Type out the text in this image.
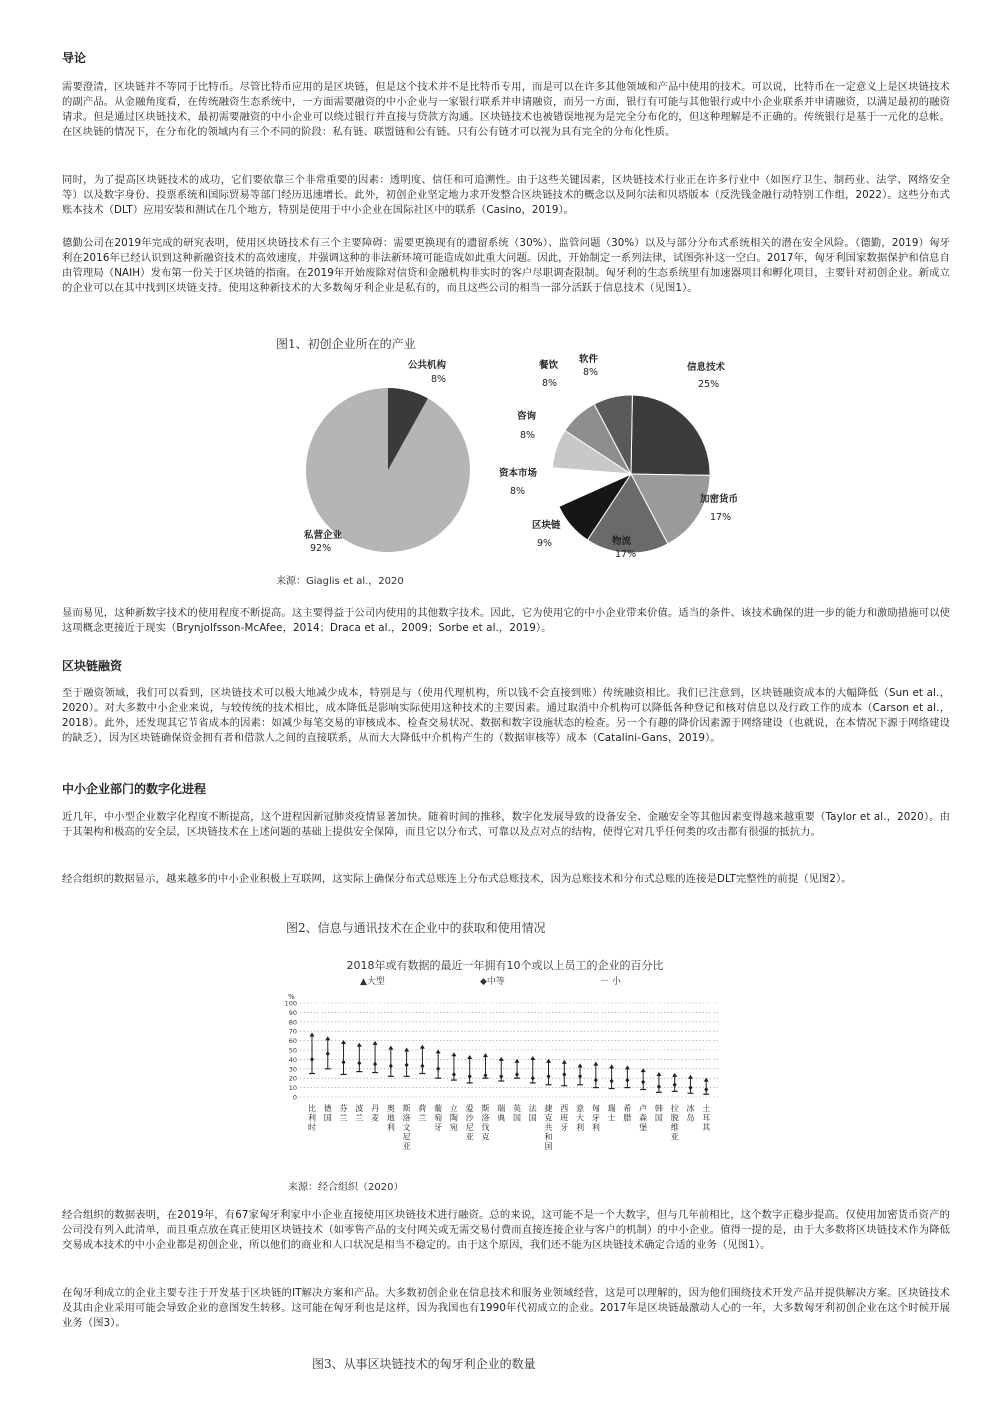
导论
需要澄清，区块链并不等同于比特币。尽管比特币应用的是区块链，但是这个技术并不是比特币专用，而是可以在许多其他领域和产品中使用的技术。可以说，比特币在一定意义上是区块链技术的副产品。从金融角度看，在传统融资生态系统中，一方面需要融资的中小企业与一家银行联系并申请融资，而另一方面，银行有可能与其他银行或中小企业联系并申请融资，以满足最初的融资请求。但是通过区块链技术，最初需要融资的中小企业可以绕过银行并直接与贷款方沟通。区块链技术也被错误地视为是完全分布化的，但这种理解是不正确的。传统银行是基于一元化的总帐。在区块链的情况下，在分布化的领域内有三个不同的阶段：私有链、联盟链和公有链。只有公有链才可以视为具有完全的分布化性质。
同时，为了提高区块链技术的成功，它们要依靠三个非常重要的因素：透明度、信任和可追溯性。由于这些关键因素，区块链技术行业正在许多行业中（如医疗卫生、制药业、法学、网络安全等）以及数字身份、投票系统和国际贸易等部门经历迅速增长。此外，初创企业坚定地力求开发整合区块链技术的概念以及阿尔法和贝塔版本（反洗钱金融行动特别工作组，2022）。这些分布式账本技术（DLT）应用安装和测试在几个地方，特别是使用于中小企业在国际社区中的联系（Casino，2019）。
德勤公司在2019年完成的研究表明，使用区块链技术有三个主要障碍：需要更换现有的遗留系统（30%）、监管问题（30%）以及与部分分布式系统相关的潜在安全风险。（德勤，2019）匈牙利在2016年已经认识到这种新融资技术的高效速度，并强调这种的非法新环境可能造成如此重大问题。因此，开始制定一系列法律，试图弥补这一空白。2017年，匈牙利国家数据保护和信息自由管理局（NAIH）发布第一份关于区块链的指南。在2019年开始废除对信贷和金融机构非实时的客户尽职调查限制。匈牙利的生态系统里有加速器项目和孵化项目，主要针对初创企业。新成立的企业可以在其中找到区块链支持。使用这种新技术的大多数匈牙利企业是私有的，而且这些公司的相当一部分活跃于信息技术（见图1）。
图1、初创企业所在的产业
公共机构
8%
私营企业
92%
信息技术
25%
加密货币
17%
物流
17%
区块链
9%
资本市场
8%
咨询
8%
餐饮
8%
软件
8%
来源：Giaglis et al.，2020
显而易见，这种新数字技术的使用程度不断提高。这主要得益于公司内使用的其他数字技术。因此，它为使用它的中小企业带来价值。适当的条件、该技术确保的进一步的能力和激励措施可以使这项概念更接近于现实（Brynjolfsson-McAfee，2014；Draca et al.，2009；Sorbe et al.，2019）。
区块链融资
至于融资领域，我们可以看到，区块链技术可以极大地减少成本，特别是与（使用代理机构，所以钱不会直接到账）传统融资相比。我们已注意到，区块链融资成本的大幅降低（Sun et al.，2020）。对大多数中小企业来说，与较传统的技术相比，成本降低是影响实际使用这种技术的主要因素。通过取消中介机构可以降低各种登记和核对信息以及行政工作的成本（Carson et al.，2018）。此外，还发现其它节省成本的因素：如减少每笔交易的审核成本、检查交易状况、数据和数字设施状态的检查。另一个有趣的降价因素源于网络建设（也就说，在本情况下源于网络建设的缺乏），因为区块链确保资金拥有者和借款人之间的直接联系，从而大大降低中介机构产生的（数据审核等）成本（Catalini-Gans，2019）。
中小企业部门的数字化进程
近几年，中小型企业数字化程度不断提高，这个进程因新冠肺炎疫情显著加快。随着时间的推移，数字化发展导致的设备安全、金融安全等其他因素变得越来越重要（Taylor et al.，2020）。由于其架构和极高的安全层，区块链技术在上述问题的基础上提供安全保障，而且它以分布式、可靠以及点对点的结构，使得它对几乎任何类的攻击都有很强的抵抗力。
经合组织的数据显示，越来越多的中小企业积极上互联网，这实际上确保分布式总账连上分布式总账技术，因为总账技术和分布式总账的连接是DLT完整性的前提（见图2）。
图2、信息与通讯技术在企业中的获取和使用情况
2018年或有数据的最近一年拥有10个或以上员工的企业的百分比
▲大型	◆中等	－ 小
%
0
10
20
30
40
50
60
70
80
90
100
比利时
德国
芬兰
波兰
丹麦
奥地利
斯洛文尼亚
荷兰
葡萄牙
立陶宛
爱沙尼亚
斯洛伐克
瑞典
英国
法国
捷克共和国
西班牙
意大利
匈牙利
瑞士
希腊
卢森堡
韩国
拉脱维亚
冰岛
土耳其
来源：经合组织（2020）
经合组织的数据表明，在2019年，有67家匈牙利家中小企业直接使用区块链技术进行融资。总的来说，这可能不是一个大数字，但与几年前相比，这个数字正稳步提高。仅使用加密货币资产的公司没有列入此清单，而且重点放在真正使用区块链技术（如零售产品的支付网关或无需交易付费而直接连接企业与客户的机制）的中小企业。值得一提的是，由于大多数将区块链技术作为降低交易成本技术的中小企业都是初创企业，所以他们的商业和人口状况是相当不稳定的。由于这个原因，我们还不能为区块链技术确定合适的业务（见图1）。
在匈牙利成立的企业主要专注于开发基于区块链的IT解决方案和产品。大多数初创企业在信息技术和服务业领域经营，这是可以理解的，因为他们围绕技术开发产品并提供解决方案。区块链技术及其由企业采用可能会导致企业的意图发生转移。这可能在匈牙利也是这样，因为我国也有1990年代初成立的企业。2017年是区块链最激动人心的一年，大多数匈牙利初创企业在这个时候开展业务（图3）。
图3、从事区块链技术的匈牙利企业的数量
